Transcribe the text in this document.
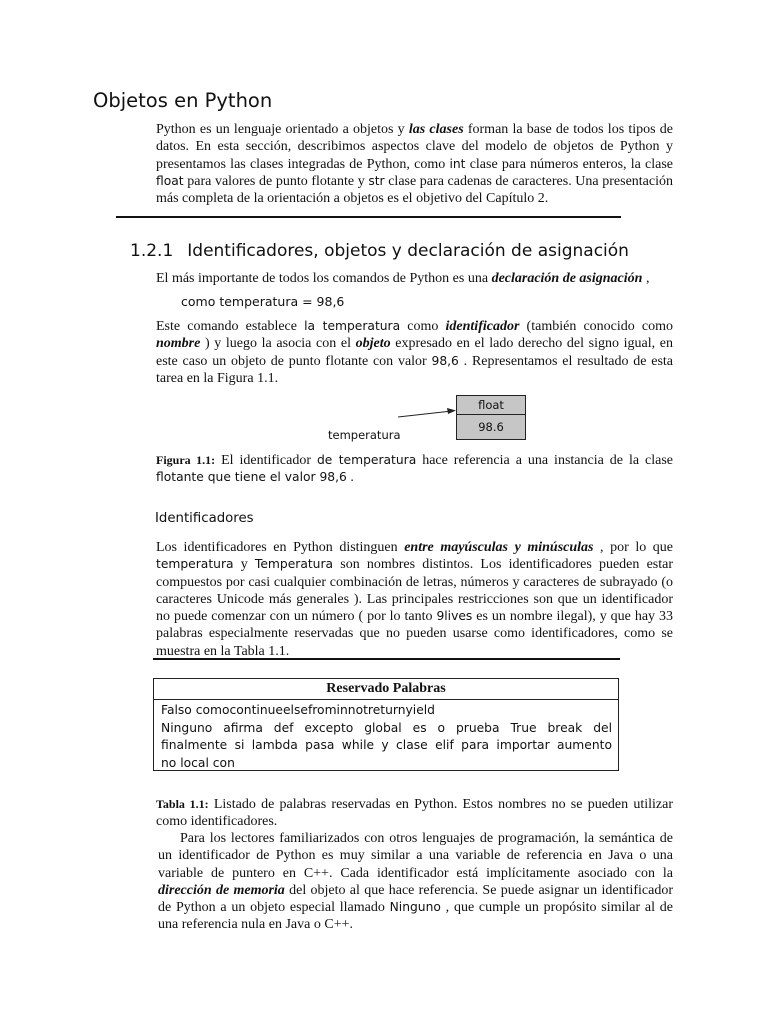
Objetos en Python
Python es un lenguaje orientado a objetos y las clases forman la base de todos los tipos de datos. En esta sección, describimos aspectos clave del modelo de objetos de Python y presentamos las clases integradas de Python, como int clase para números enteros, la clase float para valores de punto flotante y str clase para cadenas de caracteres. Una presentación más completa de la orientación a objetos es el objetivo del Capítulo 2.
1.2.1 Identificadores, objetos y declaración de asignación
El más importante de todos los comandos de Python es una declaración de asignación ,
como temperatura = 98,6
Este comando establece la temperatura como identificador (también conocido como nombre ) y luego la asocia con el objeto expresado en el lado derecho del signo igual, en este caso un objeto de punto flotante con valor 98,6 . Representamos el resultado de esta tarea en la Figura 1.1.
float
98.6
temperatura
Figura 1.1: El identificador de temperatura hace referencia a una instancia de la clase flotante que tiene el valor 98,6 .
Identificadores
Los identificadores en Python distinguen entre mayúsculas y minúsculas , por lo que temperatura y Temperatura son nombres distintos. Los identificadores pueden estar compuestos por casi cualquier combinación de letras, números y caracteres de subrayado (o caracteres Unicode más generales ). Las principales restricciones son que un identificador no puede comenzar con un número ( por lo tanto 9lives es un nombre ilegal), y que hay 33 palabras especialmente reservadas que no pueden usarse como identificadores, como se muestra en la Tabla 1.1.
Reservado Palabras
Falso comocontinueelsefrominnotreturnyield
Ninguno afirma def excepto global es o prueba True break del
finalmente si lambda pasa while y clase elif para importar aumento
no local con
Tabla 1.1: Listado de palabras reservadas en Python. Estos nombres no se pueden utilizar como identificadores.
Para los lectores familiarizados con otros lenguajes de programación, la semántica de un identificador de Python es muy similar a una variable de referencia en Java o una variable de puntero en C++. Cada identificador está implícitamente asociado con la dirección de memoria del objeto al que hace referencia. Se puede asignar un identificador de Python a un objeto especial llamado Ninguno , que cumple un propósito similar al de una referencia nula en Java o C++.
